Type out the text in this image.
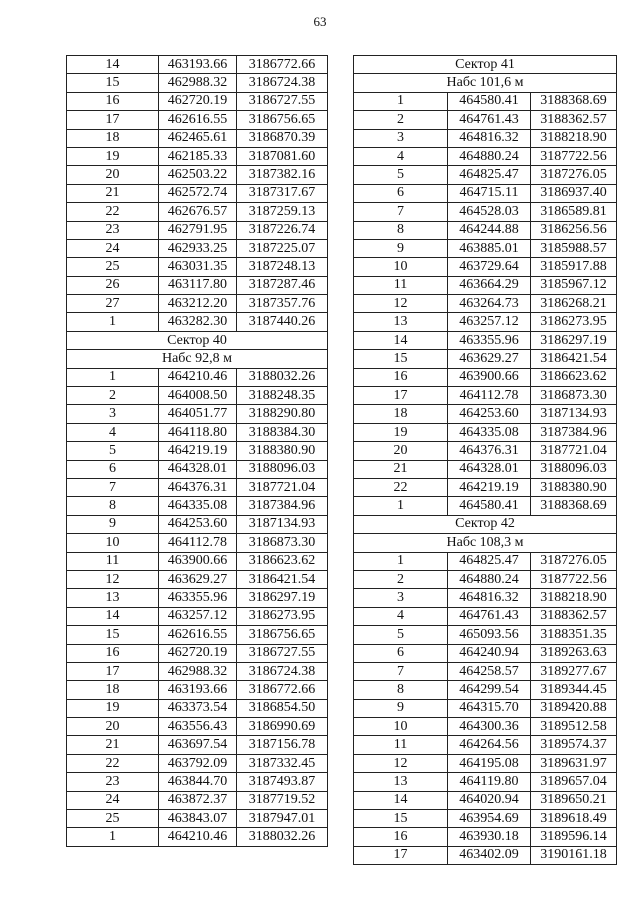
63
14	463193.66	3186772.66
15	462988.32	3186724.38
16	462720.19	3186727.55
17	462616.55	3186756.65
18	462465.61	3186870.39
19	462185.33	3187081.60
20	462503.22	3187382.16
21	462572.74	3187317.67
22	462676.57	3187259.13
23	462791.95	3187226.74
24	462933.25	3187225.07
25	463031.35	3187248.13
26	463117.80	3187287.46
27	463212.20	3187357.76
1	463282.30	3187440.26
Сектор 40		
Набс 92,8 м		
1	464210.46	3188032.26
2	464008.50	3188248.35
3	464051.77	3188290.80
4	464118.80	3188384.30
5	464219.19	3188380.90
6	464328.01	3188096.03
7	464376.31	3187721.04
8	464335.08	3187384.96
9	464253.60	3187134.93
10	464112.78	3186873.30
11	463900.66	3186623.62
12	463629.27	3186421.54
13	463355.96	3186297.19
14	463257.12	3186273.95
15	462616.55	3186756.65
16	462720.19	3186727.55
17	462988.32	3186724.38
18	463193.66	3186772.66
19	463373.54	3186854.50
20	463556.43	3186990.69
21	463697.54	3187156.78
22	463792.09	3187332.45
23	463844.70	3187493.87
24	463872.37	3187719.52
25	463843.07	3187947.01
1	464210.46	3188032.26
Сектор 41		
Набс 101,6 м		
1	464580.41	3188368.69
2	464761.43	3188362.57
3	464816.32	3188218.90
4	464880.24	3187722.56
5	464825.47	3187276.05
6	464715.11	3186937.40
7	464528.03	3186589.81
8	464244.88	3186256.56
9	463885.01	3185988.57
10	463729.64	3185917.88
11	463664.29	3185967.12
12	463264.73	3186268.21
13	463257.12	3186273.95
14	463355.96	3186297.19
15	463629.27	3186421.54
16	463900.66	3186623.62
17	464112.78	3186873.30
18	464253.60	3187134.93
19	464335.08	3187384.96
20	464376.31	3187721.04
21	464328.01	3188096.03
22	464219.19	3188380.90
1	464580.41	3188368.69
Сектор 42		
Набс 108,3 м		
1	464825.47	3187276.05
2	464880.24	3187722.56
3	464816.32	3188218.90
4	464761.43	3188362.57
5	465093.56	3188351.35
6	464240.94	3189263.63
7	464258.57	3189277.67
8	464299.54	3189344.45
9	464315.70	3189420.88
10	464300.36	3189512.58
11	464264.56	3189574.37
12	464195.08	3189631.97
13	464119.80	3189657.04
14	464020.94	3189650.21
15	463954.69	3189618.49
16	463930.18	3189596.14
17	463402.09	3190161.18
